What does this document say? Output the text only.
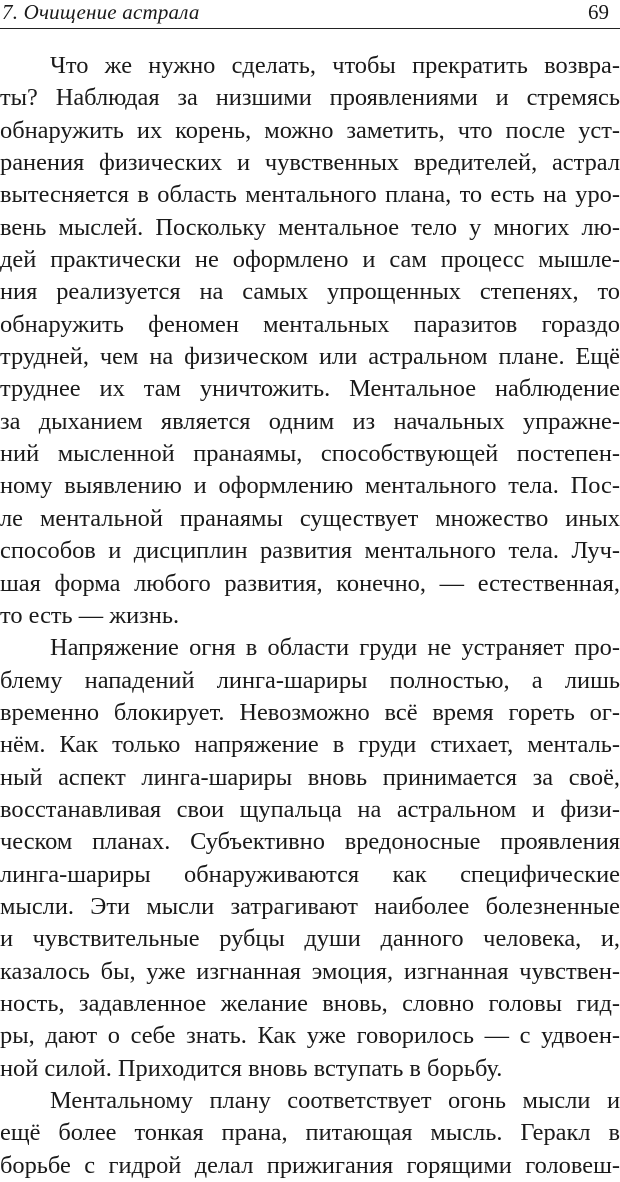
7. Очищение астрала	69
Что же нужно сделать, чтобы прекратить возвра-
ты? Наблюдая за низшими проявлениями и стремясь
обнаружить их корень, можно заметить, что после уст-
ранения физических и чувственных вредителей, астрал
вытесняется в область ментального плана, то есть на уро-
вень мыслей. Поскольку ментальное тело у многих лю-
дей практически не оформлено и сам процесс мышле-
ния реализуется на самых упрощенных степенях, то
обнаружить феномен ментальных паразитов гораздо
трудней, чем на физическом или астральном плане. Ещё
труднее их там уничтожить. Ментальное наблюдение
за дыханием является одним из начальных упражне-
ний мысленной пранаямы, способствующей постепен-
ному выявлению и оформлению ментального тела. Пос-
ле ментальной пранаямы существует множество иных
способов и дисциплин развития ментального тела. Луч-
шая форма любого развития, конечно, — естественная,
то есть — жизнь.
Напряжение огня в области груди не устраняет про-
блему нападений линга-шариры полностью, а лишь
временно блокирует. Невозможно всё время гореть ог-
нём. Как только напряжение в груди стихает, менталь-
ный аспект линга-шариры вновь принимается за своё,
восстанавливая свои щупальца на астральном и физи-
ческом планах. Субъективно вредоносные проявления
линга-шариры обнаруживаются как специфические
мысли. Эти мысли затрагивают наиболее болезненные
и чувствительные рубцы души данного человека, и,
казалось бы, уже изгнанная эмоция, изгнанная чувствен-
ность, задавленное желание вновь, словно головы гид-
ры, дают о себе знать. Как уже говорилось — с удвоен-
ной силой. Приходится вновь вступать в борьбу.
Ментальному плану соответствует огонь мысли и
ещё более тонкая прана, питающая мысль. Геракл в
борьбе с гидрой делал прижигания горящими головеш-
